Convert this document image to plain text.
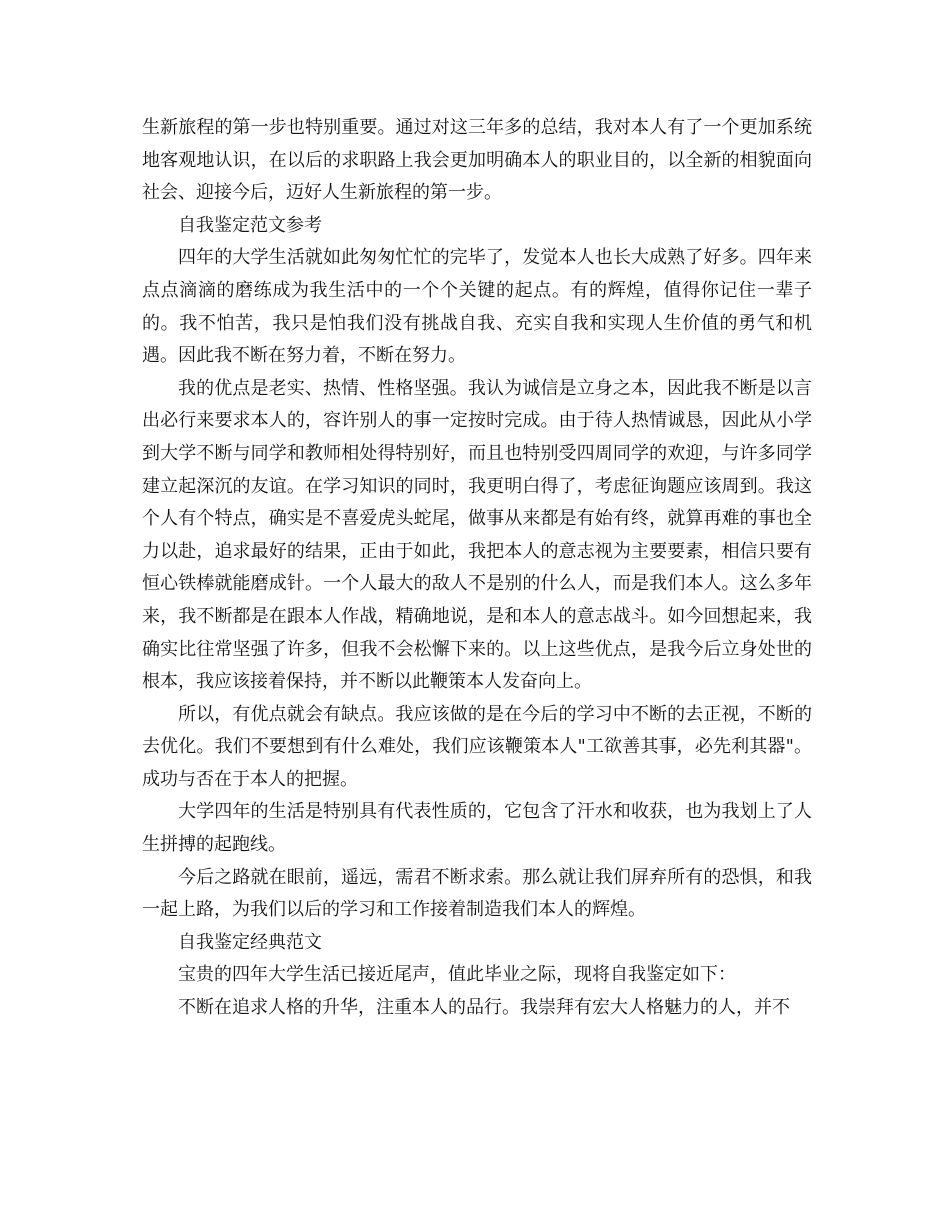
生新旅程的第一步也特别重要。通过对这三年多的总结，我对本人有了一个更加系统地客观地认识，在以后的求职路上我会更加明确本人的职业目的，以全新的相貌面向社会、迎接今后，迈好人生新旅程的第一步。

自我鉴定范文参考

四年的大学生活就如此匆匆忙忙的完毕了，发觉本人也长大成熟了好多。四年来点点滴滴的磨练成为我生活中的一个个关键的起点。有的辉煌，值得你记住一辈子的。我不怕苦，我只是怕我们没有挑战自我、充实自我和实现人生价值的勇气和机遇。因此我不断在努力着，不断在努力。

我的优点是老实、热情、性格坚强。我认为诚信是立身之本，因此我不断是以言出必行来要求本人的，容许别人的事一定按时完成。由于待人热情诚恳，因此从小学到大学不断与同学和教师相处得特别好，而且也特别受四周同学的欢迎，与许多同学建立起深沉的友谊。在学习知识的同时，我更明白得了，考虑征询题应该周到。我这个人有个特点，确实是不喜爱虎头蛇尾，做事从来都是有始有终，就算再难的事也全力以赴，追求最好的结果，正由于如此，我把本人的意志视为主要要素，相信只要有恒心铁棒就能磨成针。一个人最大的敌人不是别的什么人，而是我们本人。这么多年来，我不断都是在跟本人作战，精确地说，是和本人的意志战斗。如今回想起来，我确实比往常坚强了许多，但我不会松懈下来的。以上这些优点，是我今后立身处世的根本，我应该接着保持，并不断以此鞭策本人发奋向上。

所以，有优点就会有缺点。我应该做的是在今后的学习中不断的去正视，不断的去优化。我们不要想到有什么难处，我们应该鞭策本人"工欲善其事，必先利其器"。成功与否在于本人的把握。

大学四年的生活是特别具有代表性质的，它包含了汗水和收获，也为我划上了人生拼搏的起跑线。

今后之路就在眼前，遥远，需君不断求索。那么就让我们屏弃所有的恐惧，和我一起上路，为我们以后的学习和工作接着制造我们本人的辉煌。

自我鉴定经典范文

宝贵的四年大学生活已接近尾声，值此毕业之际，现将自我鉴定如下：

不断在追求人格的升华，注重本人的品行。我崇拜有宏大人格魅力的人，并不
